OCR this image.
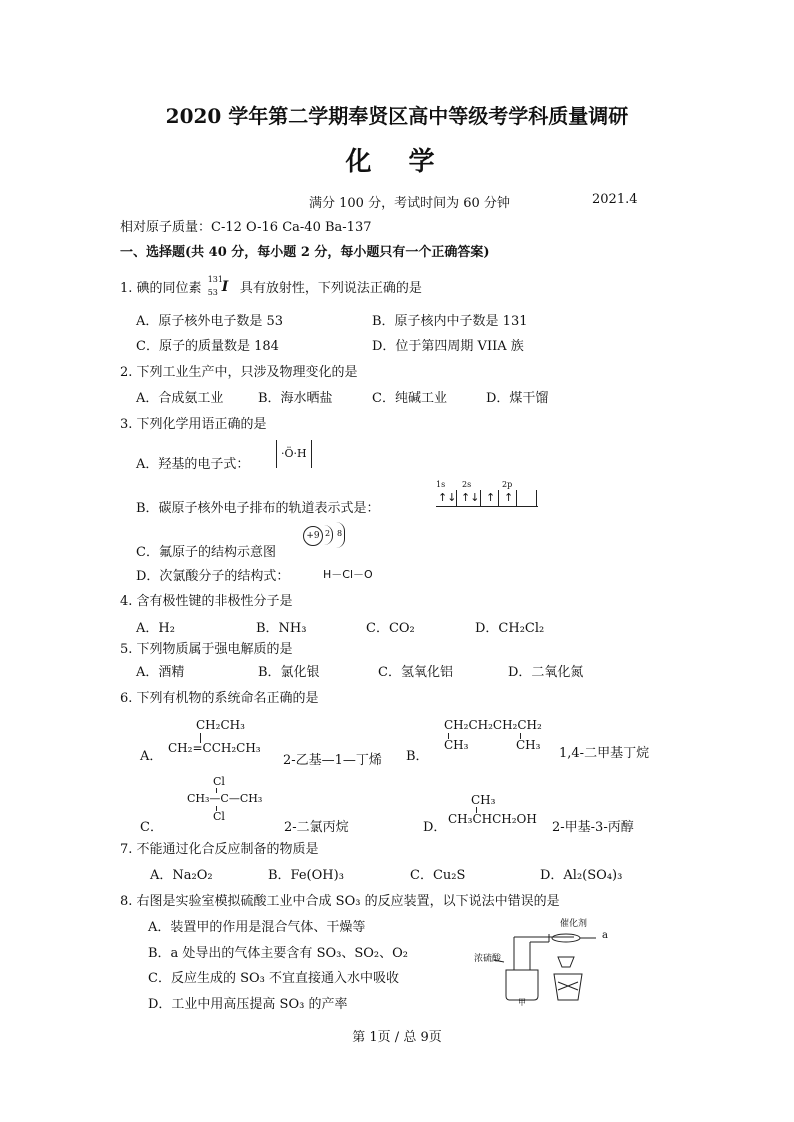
2020 学年第二学期奉贤区高中等级考学科质量调研
化 学
满分 100 分，考试时间为 60 分钟	2021.4
相对原子质量：C-12 O-16 Ca-40 Ba-137
一、选择题(共 40 分，每小题 2 分，每小题只有一个正确答案)
1. 碘的同位素
131
53 I 具有放射性，下列说法正确的是
A．原子核外电子数是 53	B．原子核内中子数是 131
C．原子的质量数是 184	D．位于第四周期 VIIA 族
2. 下列工业生产中，只涉及物理变化的是
A．合成氨工业	B．海水晒盐	C．纯碱工业	D．煤干馏
3. 下列化学用语正确的是
A．羟基的电子式：
·Ö·H
B．碳原子核外电子排布的轨道表示式是：
1s 2s	2p
↑↓ ↑↓ ↑ ↑
C．氟原子的结构示意图
+9 2 8
D．次氯酸分子的结构式：	H－Cl－O
4. 含有极性键的非极性分子是
A．H₂	B．NH₃	C．CO₂	D．CH₂Cl₂
5. 下列物质属于强电解质的是
A．酒精	B．氯化银	C．氢氧化铝	D．二氧化氮
6. 下列有机物的系统命名正确的是
A．
CH₂CH₃
CH₂=CCH₂CH₃
2-乙基—1—丁烯 B．
CH₂CH₂CH₂CH₂
CH₃	CH₃
1,4-二甲基丁烷
C．
Cl
CH₃—C—CH₃
Cl
2-二氯丙烷	D．
CH₃
CH₃CHCH₂OH
2-甲基-3-丙醇
7. 不能通过化合反应制备的物质是
A．Na₂O₂	B．Fe(OH)₃	C．Cu₂S	D．Al₂(SO₄)₃
8. 右图是实验室模拟硫酸工业中合成 SO₃ 的反应装置，以下说法中错误的是
A．装置甲的作用是混合气体、干燥等
B．a 处导出的气体主要含有 SO₃、SO₂、O₂
C．反应生成的 SO₃ 不宜直接通入水中吸收
D．工业中用高压提高 SO₃ 的产率
浓硫酸
催化剂
a
甲
第 1页 / 总 9页
